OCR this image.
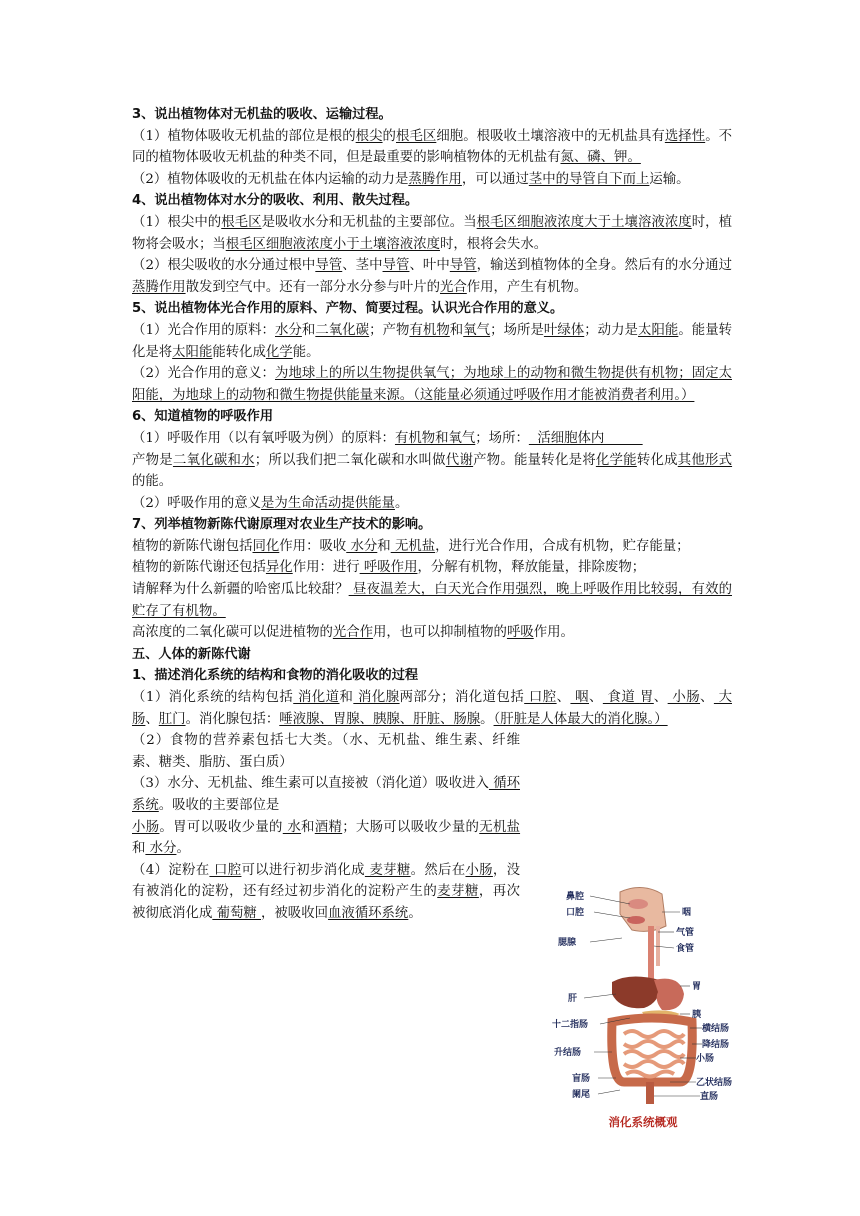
3、说出植物体对无机盐的吸收、运输过程。

（1）植物体吸收无机盐的部位是根的根尖的根毛区细胞。根吸收土壤溶液中的无机盐具有选择性。不同的植物体吸收无机盐的种类不同，但是最重要的影响植物体的无机盐有氮、磷、钾。

（2）植物体吸收的无机盐在体内运输的动力是蒸腾作用，可以通过茎中的导管自下而上运输。

4、说出植物体对水分的吸收、利用、散失过程。

（1）根尖中的根毛区是吸收水分和无机盐的主要部位。当根毛区细胞液浓度大于土壤溶液浓度时，植物将会吸水；当根毛区细胞液浓度小于土壤溶液浓度时，根将会失水。

（2）根尖吸收的水分通过根中导管、茎中导管、叶中导管，输送到植物体的全身。然后有的水分通过蒸腾作用散发到空气中。还有一部分水分参与叶片的光合作用，产生有机物。

5、说出植物体光合作用的原料、产物、简要过程。认识光合作用的意义。

（1）光合作用的原料：水分和二氧化碳；产物有机物和氧气；场所是叶绿体；动力是太阳能。能量转化是将太阳能能转化成化学能。

（2）光合作用的意义：为地球上的所以生物提供氧气；为地球上的动物和微生物提供有机物；固定太阳能，为地球上的动物和微生物提供能量来源。（这能量必须通过呼吸作用才能被消费者利用。）

6、知道植物的呼吸作用

（1）呼吸作用（以有氧呼吸为例）的原料：有机物和氧气；场所：  活细胞体内

产物是二氧化碳和水；所以我们把二氧化碳和水叫做代谢产物。能量转化是将化学能转化成其他形式的能。

（2）呼吸作用的意义是为生命活动提供能量。

7、列举植物新陈代谢原理对农业生产技术的影响。

植物的新陈代谢包括同化作用：吸收 水分和 无机盐，进行光合作用，合成有机物，贮存能量；

植物的新陈代谢还包括异化作用：进行 呼吸作用，分解有机物，释放能量，排除废物；

请解释为什么新疆的哈密瓜比较甜？ 昼夜温差大，白天光合作用强烈，晚上呼吸作用比较弱，有效的贮存了有机物。

高浓度的二氧化碳可以促进植物的光合作用，也可以抑制植物的呼吸作用。

五、人体的新陈代谢

1、描述消化系统的结构和食物的消化吸收的过程

（1）消化系统的结构包括 消化道和 消化腺两部分；消化道包括 口腔、 咽、 食道 胃、 小肠、 大肠、肛门。消化腺包括：唾液腺、胃腺、胰腺、肝脏、肠腺。（肝脏是人体最大的消化腺。）

（2）食物的营养素包括七大类。（水、无机盐、维生素、纤维素、糖类、脂肪、蛋白质）

（3）水分、无机盐、维生素可以直接被（消化道）吸收进入 循环系统。吸收的主要部位是

小肠。胃可以吸收少量的 水和酒精；大肠可以吸收少量的无机盐和 水分。

（4）淀粉在 口腔可以进行初步消化成 麦芽糖。然后在小肠，没有被消化的淀粉，还有经过初步消化的淀粉产生的麦芽糖，再次被彻底消化成 葡萄糖 ，被吸收回血液循环系统。

鼻腔
口腔	咽
气管
食管
腮腺
胃
肝
胰
十二指肠	横结肠
降结肠
升结肠
小肠
盲肠	乙状结肠
阑尾	直肠
消化系统概观
